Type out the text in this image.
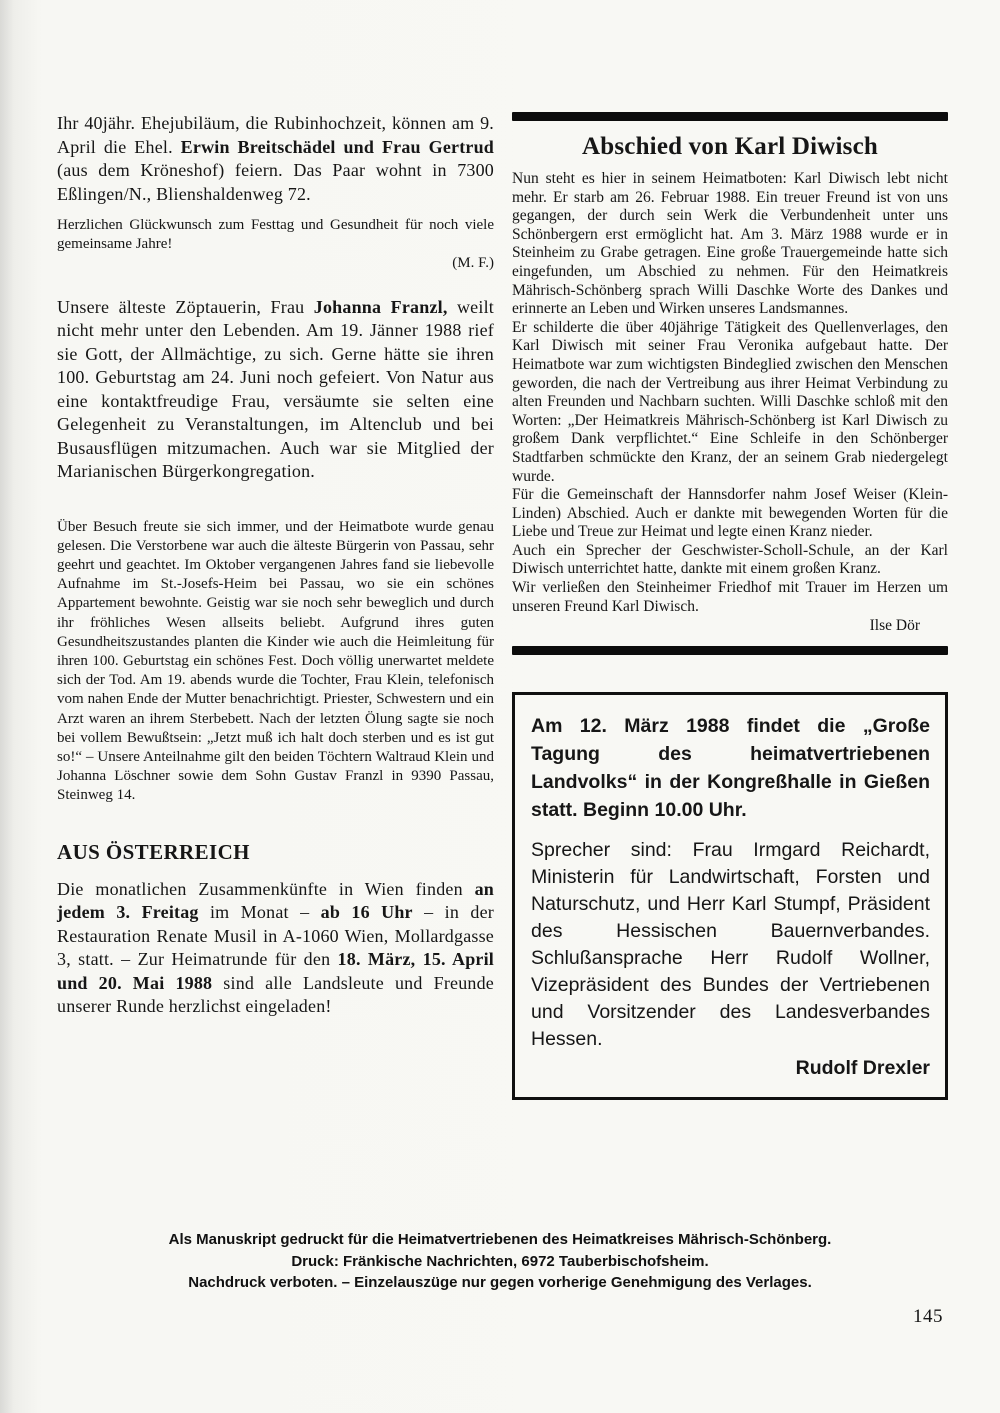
Ihr 40jähr. Ehejubiläum, die Rubinhochzeit, können am 9. April die Ehel. Erwin Breitschädel und Frau Gertrud (aus dem Kröneshof) feiern. Das Paar wohnt in 7300 Eßlingen/N., Blienshaldenweg 72.

Herzlichen Glückwunsch zum Festtag und Gesundheit für noch viele gemeinsame Jahre!

(M. F.)

Unsere älteste Zöptauerin, Frau Johanna Franzl, weilt nicht mehr unter den Lebenden. Am 19. Jänner 1988 rief sie Gott, der Allmächtige, zu sich. Gerne hätte sie ihren 100. Geburtstag am 24. Juni noch gefeiert. Von Natur aus eine kontaktfreudige Frau, versäumte sie selten eine Gelegenheit zu Veranstaltungen, im Altenclub und bei Busausflügen mitzumachen. Auch war sie Mitglied der Marianischen Bürgerkongregation.

Über Besuch freute sie sich immer, und der Heimatbote wurde genau gelesen. Die Verstorbene war auch die älteste Bürgerin von Passau, sehr geehrt und geachtet. Im Oktober vergangenen Jahres fand sie liebevolle Aufnahme im St.-Josefs-Heim bei Passau, wo sie ein schönes Appartement bewohnte. Geistig war sie noch sehr beweglich und durch ihr fröhliches Wesen allseits beliebt. Aufgrund ihres guten Gesundheitszustandes planten die Kinder wie auch die Heimleitung für ihren 100. Geburtstag ein schönes Fest. Doch völlig unerwartet meldete sich der Tod. Am 19. abends wurde die Tochter, Frau Klein, telefonisch vom nahen Ende der Mutter benachrichtigt. Priester, Schwestern und ein Arzt waren an ihrem Sterbebett. Nach der letzten Ölung sagte sie noch bei vollem Bewußtsein: „Jetzt muß ich halt doch sterben und es ist gut so!“ – Unsere Anteilnahme gilt den beiden Töchtern Waltraud Klein und Johanna Löschner sowie dem Sohn Gustav Franzl in 9390 Passau, Steinweg 14.

AUS ÖSTERREICH

Die monatlichen Zusammenkünfte in Wien finden an jedem 3. Freitag im Monat – ab 16 Uhr – in der Restauration Renate Musil in A-1060 Wien, Mollardgasse 3, statt. – Zur Heimatrunde für den 18. März, 15. April und 20. Mai 1988 sind alle Landsleute und Freunde unserer Runde herzlichst eingeladen!

Abschied von Karl Diwisch

Nun steht es hier in seinem Heimatboten: Karl Diwisch lebt nicht mehr. Er starb am 26. Februar 1988. Ein treuer Freund ist von uns gegangen, der durch sein Werk die Verbundenheit unter uns Schönbergern erst ermöglicht hat. Am 3. März 1988 wurde er in Steinheim zu Grabe getragen. Eine große Trauergemeinde hatte sich eingefunden, um Abschied zu nehmen. Für den Heimatkreis Mährisch-Schönberg sprach Willi Daschke Worte des Dankes und erinnerte an Leben und Wirken unseres Landsmannes.

Er schilderte die über 40jährige Tätigkeit des Quellenverlages, den Karl Diwisch mit seiner Frau Veronika aufgebaut hatte. Der Heimatbote war zum wichtigsten Bindeglied zwischen den Menschen geworden, die nach der Vertreibung aus ihrer Heimat Verbindung zu alten Freunden und Nachbarn suchten. Willi Daschke schloß mit den Worten: „Der Heimatkreis Mährisch-Schönberg ist Karl Diwisch zu großem Dank verpflichtet.“ Eine Schleife in den Schönberger Stadtfarben schmückte den Kranz, der an seinem Grab niedergelegt wurde.

Für die Gemeinschaft der Hannsdorfer nahm Josef Weiser (Klein-Linden) Abschied. Auch er dankte mit bewegenden Worten für die Liebe und Treue zur Heimat und legte einen Kranz nieder.

Auch ein Sprecher der Geschwister-Scholl-Schule, an der Karl Diwisch unterrichtet hatte, dankte mit einem großen Kranz.

Wir verließen den Steinheimer Friedhof mit Trauer im Herzen um unseren Freund Karl Diwisch.

Ilse Dör

Am 12. März 1988 findet die „Große Tagung des heimatvertriebenen Landvolks“ in der Kongreßhalle in Gießen statt. Beginn 10.00 Uhr.

Sprecher sind: Frau Irmgard Reichardt, Ministerin für Landwirtschaft, Forsten und Naturschutz, und Herr Karl Stumpf, Präsident des Hessischen Bauernverbandes. Schlußansprache Herr Rudolf Wollner, Vizepräsident des Bundes der Vertriebenen und Vorsitzender des Landesverbandes Hessen.

Rudolf Drexler

Als Manuskript gedruckt für die Heimatvertriebenen des Heimatkreises Mährisch-Schönberg.
Druck: Fränkische Nachrichten, 6972 Tauberbischofsheim.
Nachdruck verboten. – Einzelauszüge nur gegen vorherige Genehmigung des Verlages.
145
